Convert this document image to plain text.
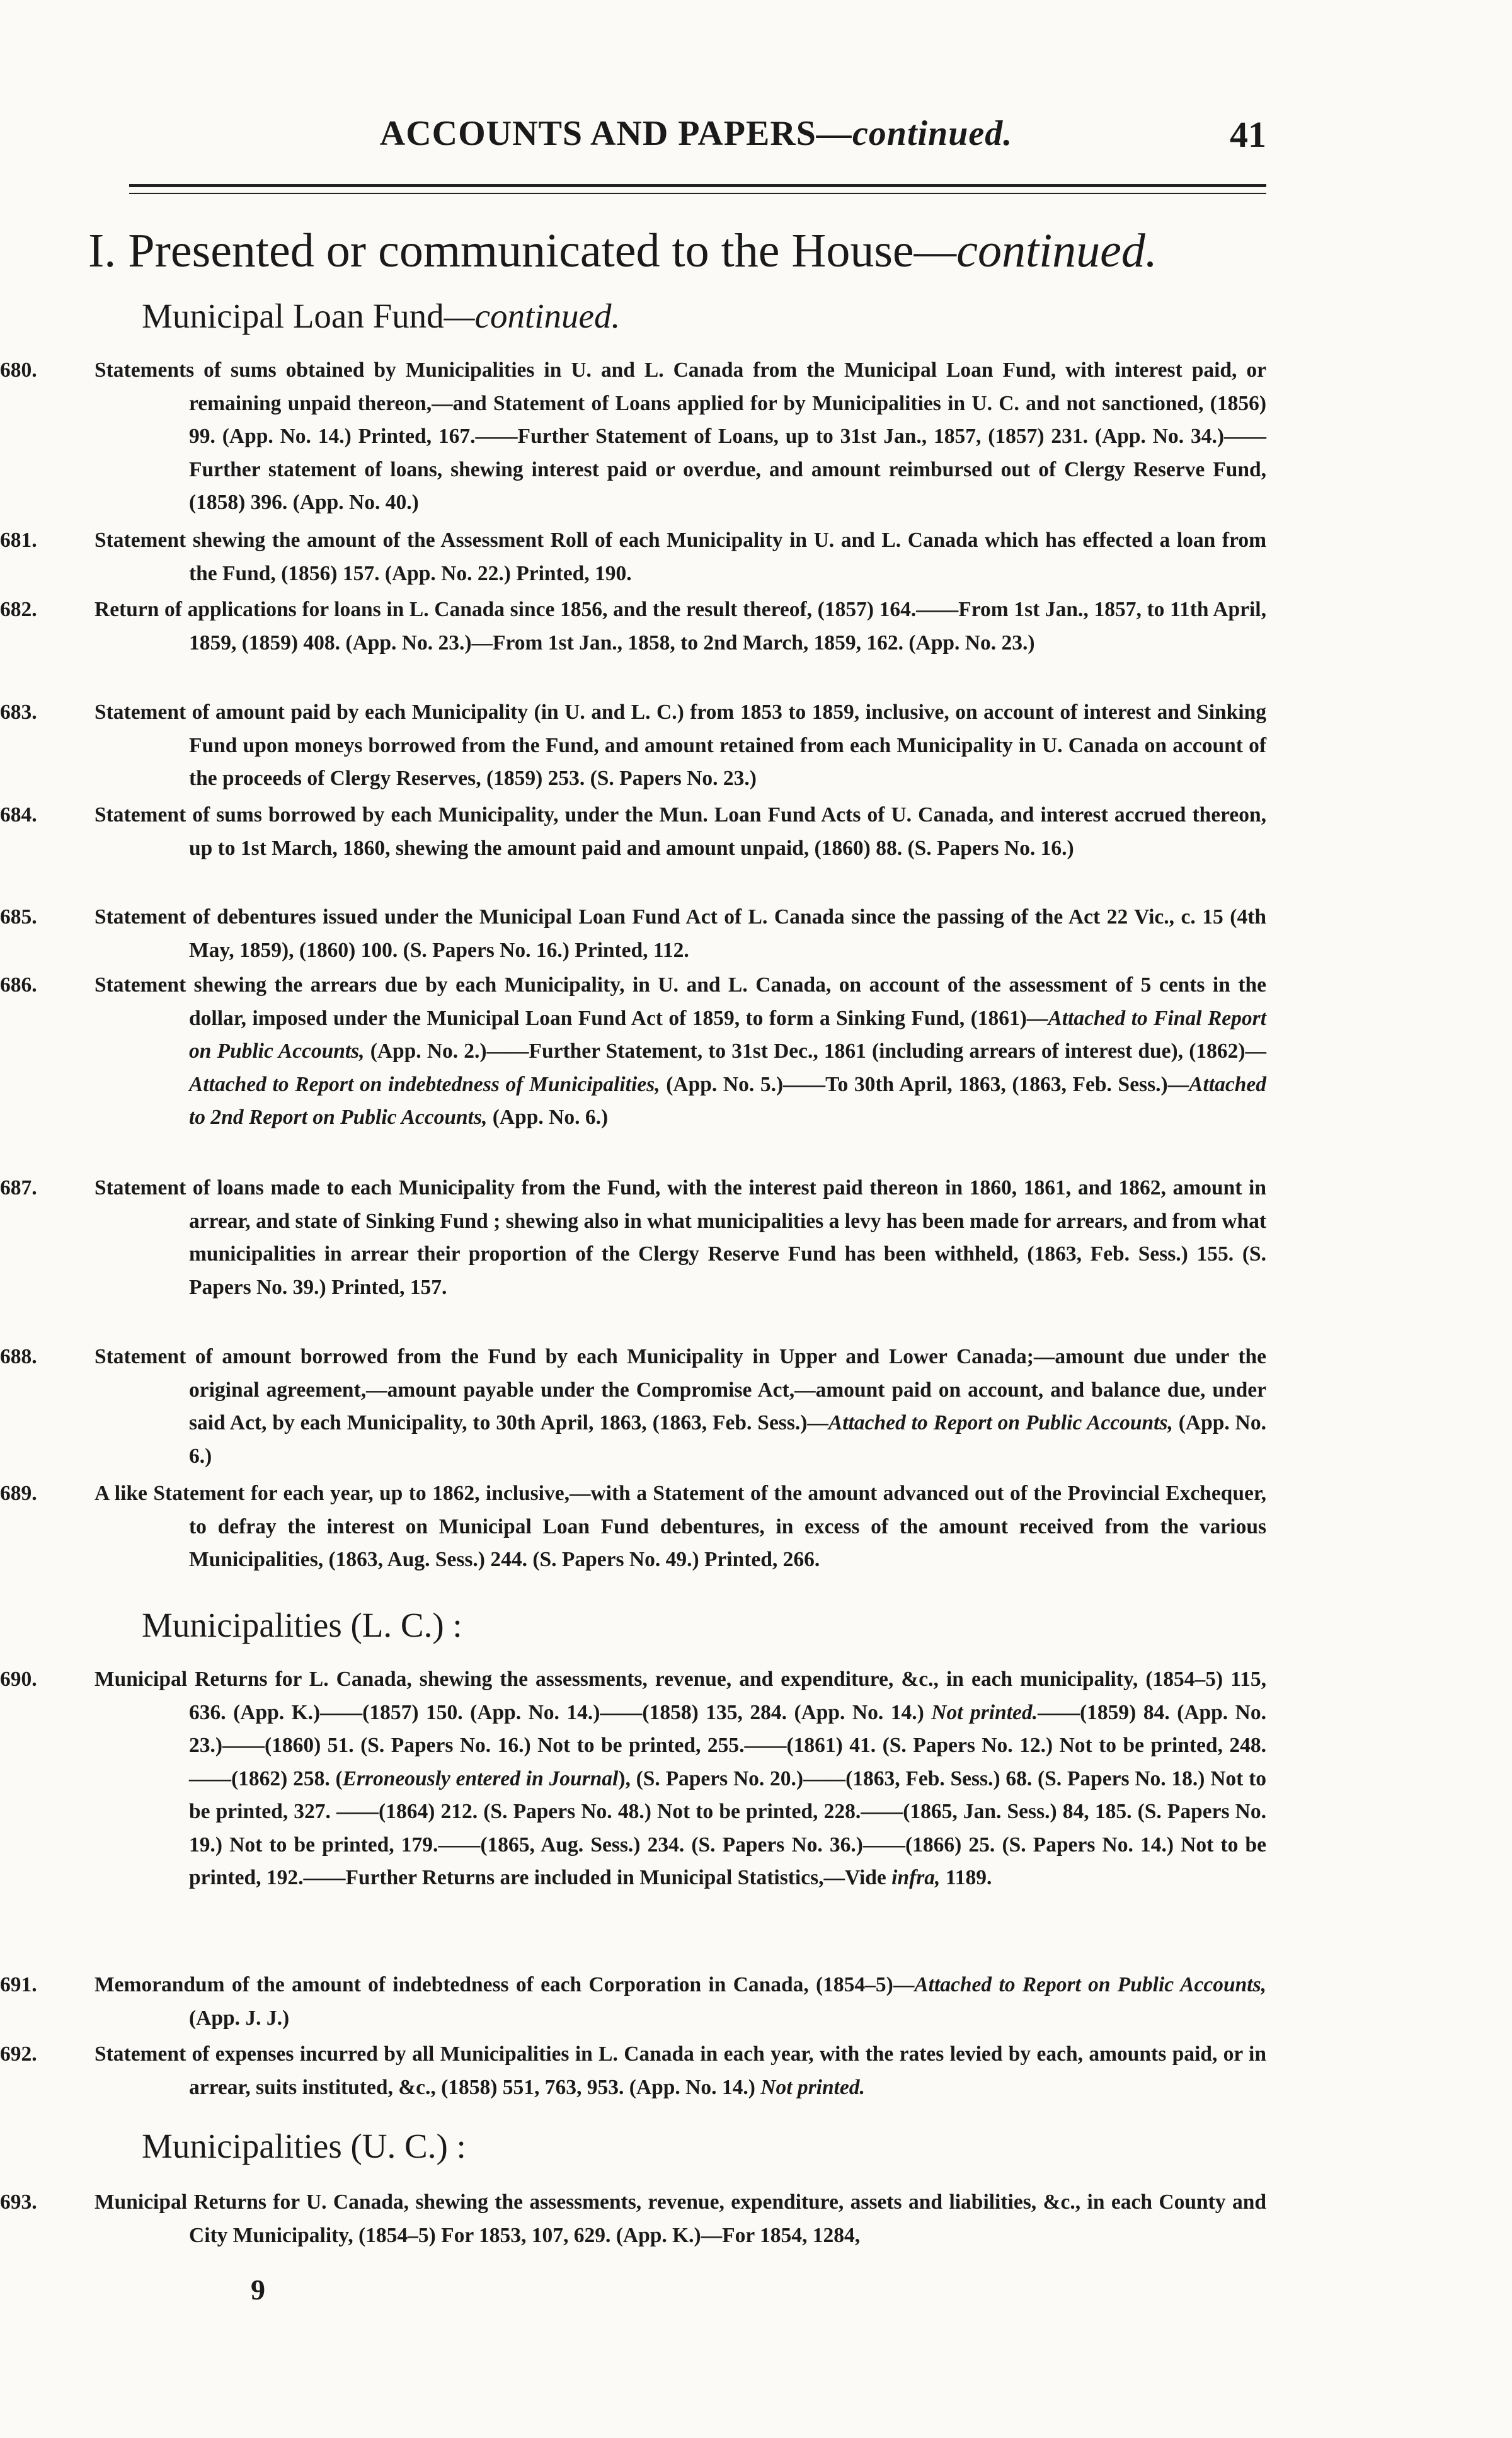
ACCOUNTS AND PAPERS—continued.	41
I. Presented or communicated to the House—continued.
Municipal Loan Fund—continued.
680.	Statements of sums obtained by Municipalities in U. and L. Canada from the Municipal Loan Fund, with interest paid, or remaining unpaid thereon,—and Statement of Loans applied for by Municipalities in U. C. and not sanctioned, (1856) 99. (App. No. 14.) Printed, 167.——Further Statement of Loans, up to 31st Jan., 1857, (1857) 231. (App. No. 34.)——Further statement of loans, shewing interest paid or overdue, and amount reimbursed out of Clergy Reserve Fund, (1858) 396. (App. No. 40.)
681.	Statement shewing the amount of the Assessment Roll of each Municipality in U. and L. Canada which has effected a loan from the Fund, (1856) 157. (App. No. 22.) Printed, 190.
682.	Return of applications for loans in L. Canada since 1856, and the result thereof, (1857) 164.——From 1st Jan., 1857, to 11th April, 1859, (1859) 408. (App. No. 23.)—From 1st Jan., 1858, to 2nd March, 1859, 162. (App. No. 23.)
683.	Statement of amount paid by each Municipality (in U. and L. C.) from 1853 to 1859, inclusive, on account of interest and Sinking Fund upon moneys borrowed from the Fund, and amount retained from each Municipality in U. Canada on account of the proceeds of Clergy Reserves, (1859) 253. (S. Papers No. 23.)
684.	Statement of sums borrowed by each Municipality, under the Mun. Loan Fund Acts of U. Canada, and interest accrued thereon, up to 1st March, 1860, shewing the amount paid and amount unpaid, (1860) 88. (S. Papers No. 16.)
685.	Statement of debentures issued under the Municipal Loan Fund Act of L. Canada since the passing of the Act 22 Vic., c. 15 (4th May, 1859), (1860) 100. (S. Papers No. 16.) Printed, 112.
686.	Statement shewing the arrears due by each Municipality, in U. and L. Canada, on account of the assessment of 5 cents in the dollar, imposed under the Municipal Loan Fund Act of 1859, to form a Sinking Fund, (1861)—Attached to Final Report on Public Accounts, (App. No. 2.)——Further Statement, to 31st Dec., 1861 (including arrears of interest due), (1862)—Attached to Report on indebtedness of Municipalities, (App. No. 5.)——To 30th April, 1863, (1863, Feb. Sess.)—Attached to 2nd Report on Public Accounts, (App. No. 6.)
687.	Statement of loans made to each Municipality from the Fund, with the interest paid thereon in 1860, 1861, and 1862, amount in arrear, and state of Sinking Fund ; shewing also in what municipalities a levy has been made for arrears, and from what municipalities in arrear their proportion of the Clergy Reserve Fund has been withheld, (1863, Feb. Sess.) 155. (S. Papers No. 39.) Printed, 157.
688.	Statement of amount borrowed from the Fund by each Municipality in Upper and Lower Canada;—amount due under the original agreement,—amount payable under the Compromise Act,—amount paid on account, and balance due, under said Act, by each Municipality, to 30th April, 1863, (1863, Feb. Sess.)—Attached to Report on Public Accounts, (App. No. 6.)
689.	A like Statement for each year, up to 1862, inclusive,—with a Statement of the amount advanced out of the Provincial Exchequer, to defray the interest on Municipal Loan Fund debentures, in excess of the amount received from the various Municipalities, (1863, Aug. Sess.) 244. (S. Papers No. 49.) Printed, 266.
Municipalities (L. C.) :
690.	Municipal Returns for L. Canada, shewing the assessments, revenue, and expenditure, &c., in each municipality, (1854–5) 115, 636. (App. K.)——(1857) 150. (App. No. 14.)——(1858) 135, 284. (App. No. 14.) Not printed.——(1859) 84. (App. No. 23.)——(1860) 51. (S. Papers No. 16.) Not to be printed, 255.——(1861) 41. (S. Papers No. 12.) Not to be printed, 248.——(1862) 258. (Erroneously entered in Journal), (S. Papers No. 20.)——(1863, Feb. Sess.) 68. (S. Papers No. 18.) Not to be printed, 327. ——(1864) 212. (S. Papers No. 48.) Not to be printed, 228.——(1865, Jan. Sess.) 84, 185. (S. Papers No. 19.) Not to be printed, 179.——(1865, Aug. Sess.) 234. (S. Papers No. 36.)——(1866) 25. (S. Papers No. 14.) Not to be printed, 192.——Further Returns are included in Municipal Statistics,—Vide infra, 1189.
691.	Memorandum of the amount of indebtedness of each Corporation in Canada, (1854–5)—Attached to Report on Public Accounts, (App. J. J.)
692.	Statement of expenses incurred by all Municipalities in L. Canada in each year, with the rates levied by each, amounts paid, or in arrear, suits instituted, &c., (1858) 551, 763, 953. (App. No. 14.) Not printed.
Municipalities (U. C.) :
693.	Municipal Returns for U. Canada, shewing the assessments, revenue, expenditure, assets and liabilities, &c., in each County and City Municipality, (1854–5) For 1853, 107, 629. (App. K.)—For 1854, 1284,
9
